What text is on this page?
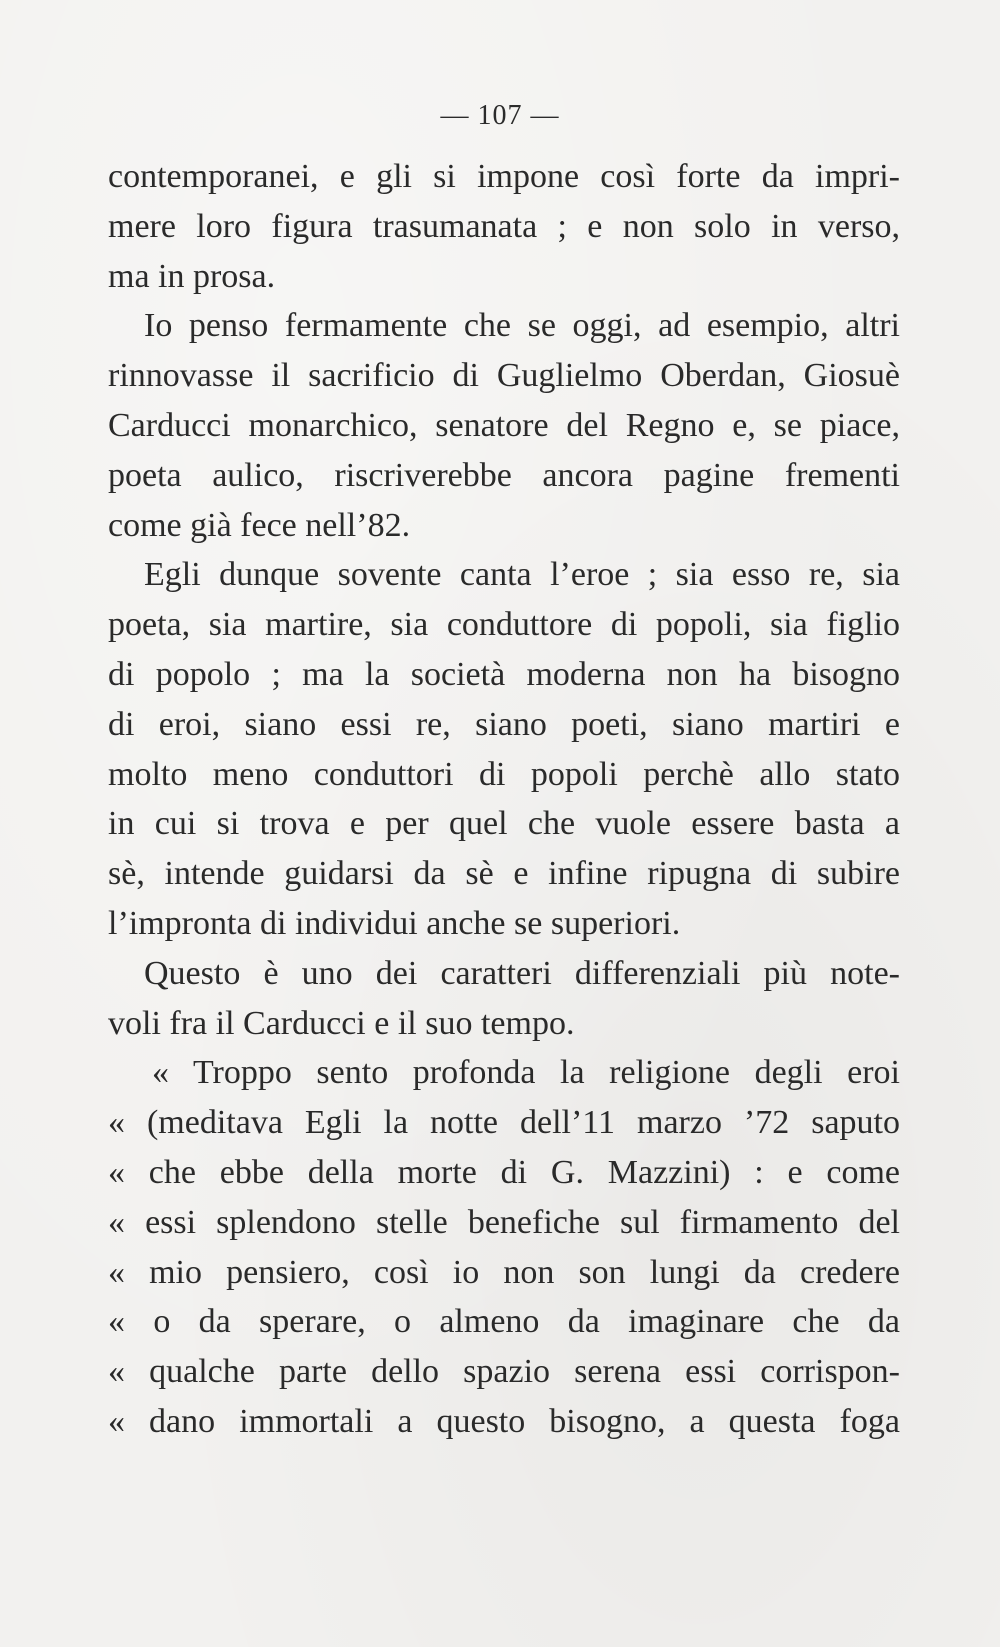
— 107 —
contemporanei, e gli si impone così forte da impri-
mere loro figura trasumanata ; e non solo in verso,
ma in prosa.
Io penso fermamente che se oggi, ad esempio, altri
rinnovasse il sacrificio di Guglielmo Oberdan, Giosuè
Carducci monarchico, senatore del Regno e, se piace,
poeta aulico, riscriverebbe ancora pagine frementi
come già fece nell’82.
Egli dunque sovente canta l’eroe ; sia esso re, sia
poeta, sia martire, sia conduttore di popoli, sia figlio
di popolo ; ma la società moderna non ha bisogno
di eroi, siano essi re, siano poeti, siano martiri e
molto meno conduttori di popoli perchè allo stato
in cui si trova e per quel che vuole essere basta a
sè, intende guidarsi da sè e infine ripugna di subire
l’impronta di individui anche se superiori.
Questo è uno dei caratteri differenziali più note-
voli fra il Carducci e il suo tempo.
« Troppo sento profonda la religione degli eroi
« (meditava Egli la notte dell’11 marzo ’72 saputo
« che ebbe della morte di G. Mazzini) : e come
« essi splendono stelle benefiche sul firmamento del
« mio pensiero, così io non son lungi da credere
« o da sperare, o almeno da imaginare che da
« qualche parte dello spazio serena essi corrispon-
« dano immortali a questo bisogno, a questa foga
